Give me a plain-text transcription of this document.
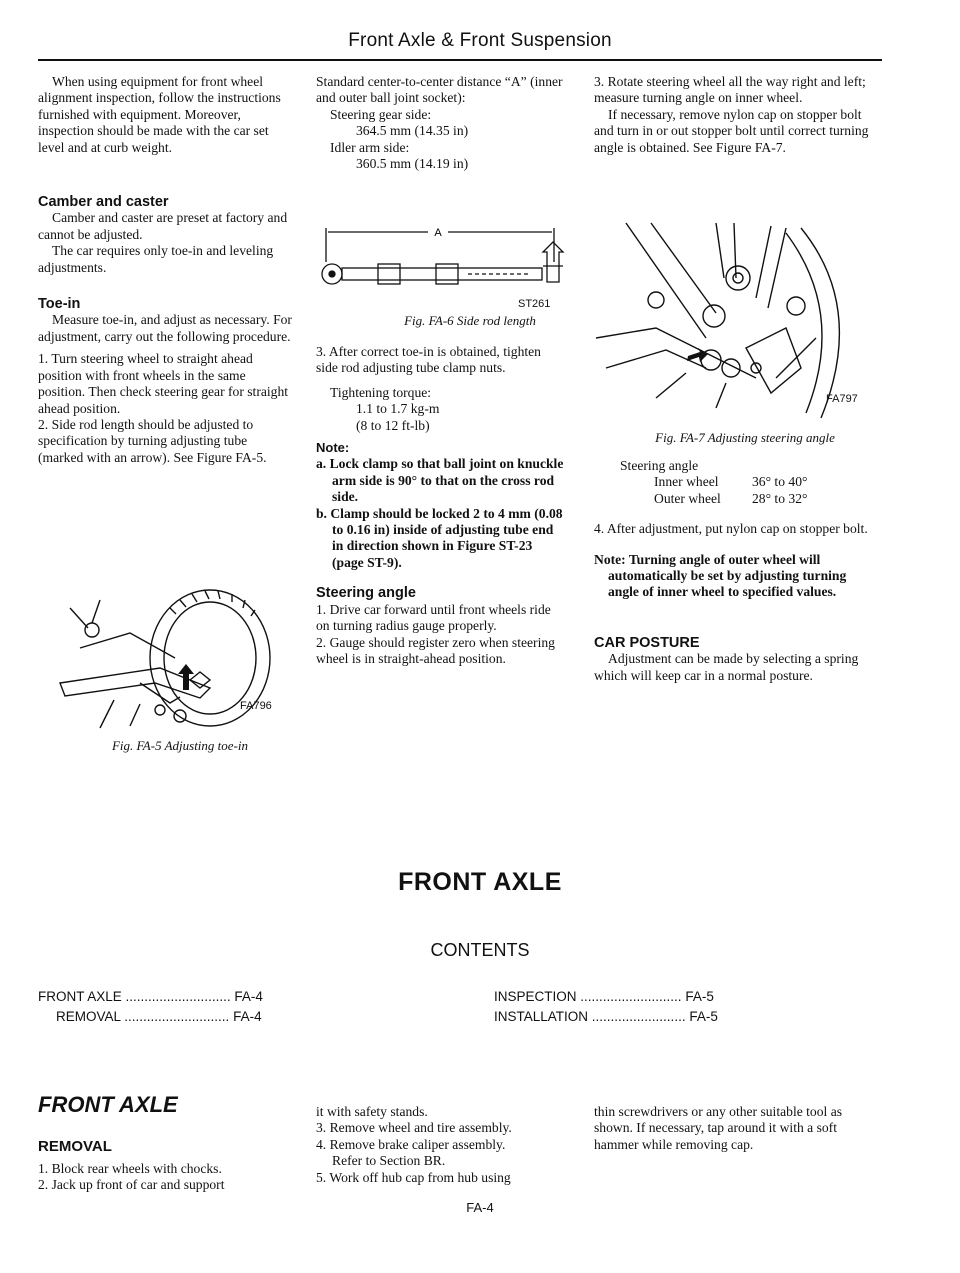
Front Axle & Front Suspension

When using equipment for front wheel alignment inspection, follow the instructions furnished with equipment. Moreover, inspection should be made with the car set level and at curb weight.

Camber and caster

Camber and caster are preset at factory and cannot be adjusted.

The car requires only toe-in and leveling adjustments.

Toe-in

Measure toe-in, and adjust as necessary. For adjustment, carry out the following procedure.

1. Turn steering wheel to straight ahead position with front wheels in the same position. Then check steering gear for straight ahead position.

2. Side rod length should be adjusted to specification by turning adjusting tube (marked with an arrow). See Figure FA-5.

FA796
Fig. FA-5 Adjusting toe-in

Standard center-to-center distance “A” (inner and outer ball joint socket):

Steering gear side:

364.5 mm (14.35 in)

Idler arm side:

360.5 mm (14.19 in)

A
ST261
Fig. FA-6 Side rod length

3. After correct toe-in is obtained, tighten side rod adjusting tube clamp nuts.

Tightening torque:

1.1 to 1.7 kg-m

(8 to 12 ft-lb)

Note:

a. Lock clamp so that ball joint on knuckle arm side is 90° to that on the cross rod side.

b. Clamp should be locked 2 to 4 mm (0.08 to 0.16 in) inside of adjusting tube end in direction shown in Figure ST-23 (page ST-9).

Steering angle

1. Drive car forward until front wheels ride on turning radius gauge properly.

2. Gauge should register zero when steering wheel is in straight-ahead position.

3. Rotate steering wheel all the way right and left; measure turning angle on inner wheel.

If necessary, remove nylon cap on stopper bolt and turn in or out stopper bolt until correct turning angle is obtained. See Figure FA-7.

FA797
Fig. FA-7 Adjusting steering angle

Steering angle

Inner wheel	36° to 40°
Outer wheel	28° to 32°

4. After adjustment, put nylon cap on stopper bolt.

Note: Turning angle of outer wheel will automatically be set by adjusting turning angle of inner wheel to specified values.

CAR POSTURE

Adjustment can be made by selecting a spring which will keep car in a normal posture.

FRONT AXLE
CONTENTS
FRONT AXLE ............................ FA-4
REMOVAL ............................ FA-4
INSPECTION ........................... FA-5
INSTALLATION ......................... FA-5
FRONT AXLE
REMOVAL

1. Block rear wheels with chocks.

2. Jack up front of car and support

it with safety stands.

3. Remove wheel and tire assembly.

4. Remove brake caliper assembly.

Refer to Section BR.

5. Work off hub cap from hub using

thin screwdrivers or any other suitable tool as shown. If necessary, tap around it with a soft hammer while removing cap.

FA-4
